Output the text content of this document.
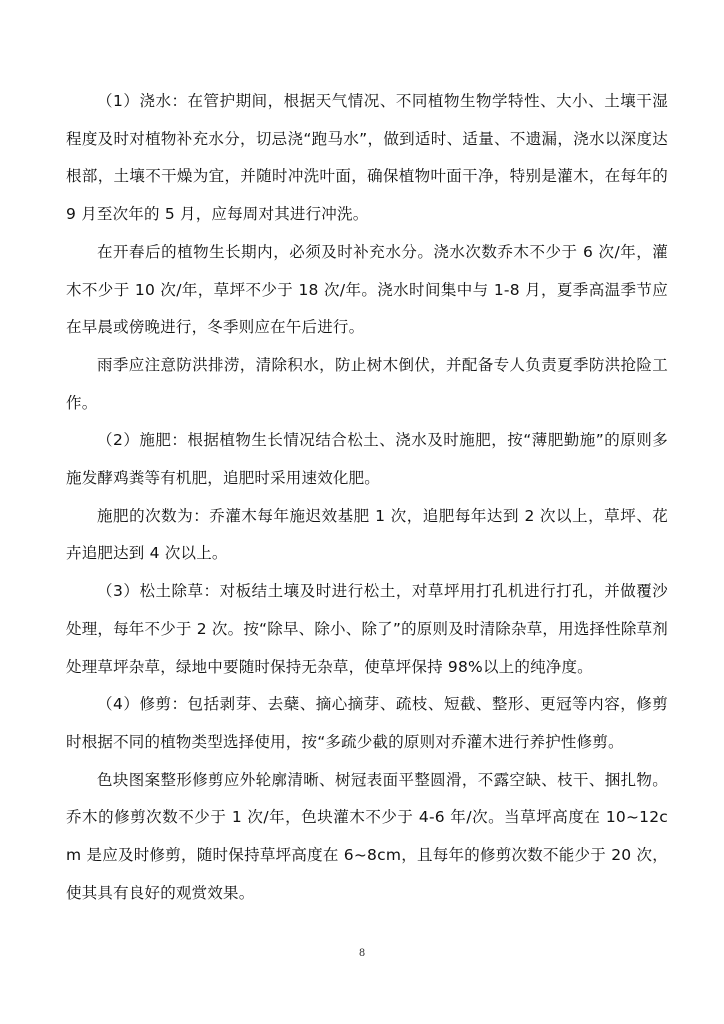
（1）浇水：在管护期间，根据天气情况、不同植物生物学特性、大小、土壤干湿程度及时对植物补充水分，切忌浇“跑马水”，做到适时、适量、不遗漏，浇水以深度达根部，土壤不干燥为宜，并随时冲洗叶面，确保植物叶面干净，特别是灌木，在每年的 9 月至次年的 5 月，应每周对其进行冲洗。

在开春后的植物生长期内，必须及时补充水分。浇水次数乔木不少于 6 次/年，灌木不少于 10 次/年，草坪不少于 18 次/年。浇水时间集中与 1-8 月，夏季高温季节应在早晨或傍晚进行，冬季则应在午后进行。

雨季应注意防洪排涝，清除积水，防止树木倒伏，并配备专人负责夏季防洪抢险工作。

（2）施肥：根据植物生长情况结合松土、浇水及时施肥，按“薄肥勤施”的原则多施发酵鸡粪等有机肥，追肥时采用速效化肥。

施肥的次数为：乔灌木每年施迟效基肥 1 次，追肥每年达到 2 次以上，草坪、花卉追肥达到 4 次以上。

（3）松土除草：对板结土壤及时进行松土，对草坪用打孔机进行打孔，并做覆沙处理，每年不少于 2 次。按“除早、除小、除了”的原则及时清除杂草，用选择性除草剂处理草坪杂草，绿地中要随时保持无杂草，使草坪保持 98%以上的纯净度。

（4）修剪：包括剥芽、去蘖、摘心摘芽、疏枝、短截、整形、更冠等内容，修剪时根据不同的植物类型选择使用，按“多疏少截的原则对乔灌木进行养护性修剪。

色块图案整形修剪应外轮廓清晰、树冠表面平整圆滑，不露空缺、枝干、捆扎物。乔木的修剪次数不少于 1 次/年，色块灌木不少于 4-6 年/次。当草坪高度在 10~12cm 是应及时修剪，随时保持草坪高度在 6~8cm，且每年的修剪次数不能少于 20 次，使其具有良好的观赏效果。

8
